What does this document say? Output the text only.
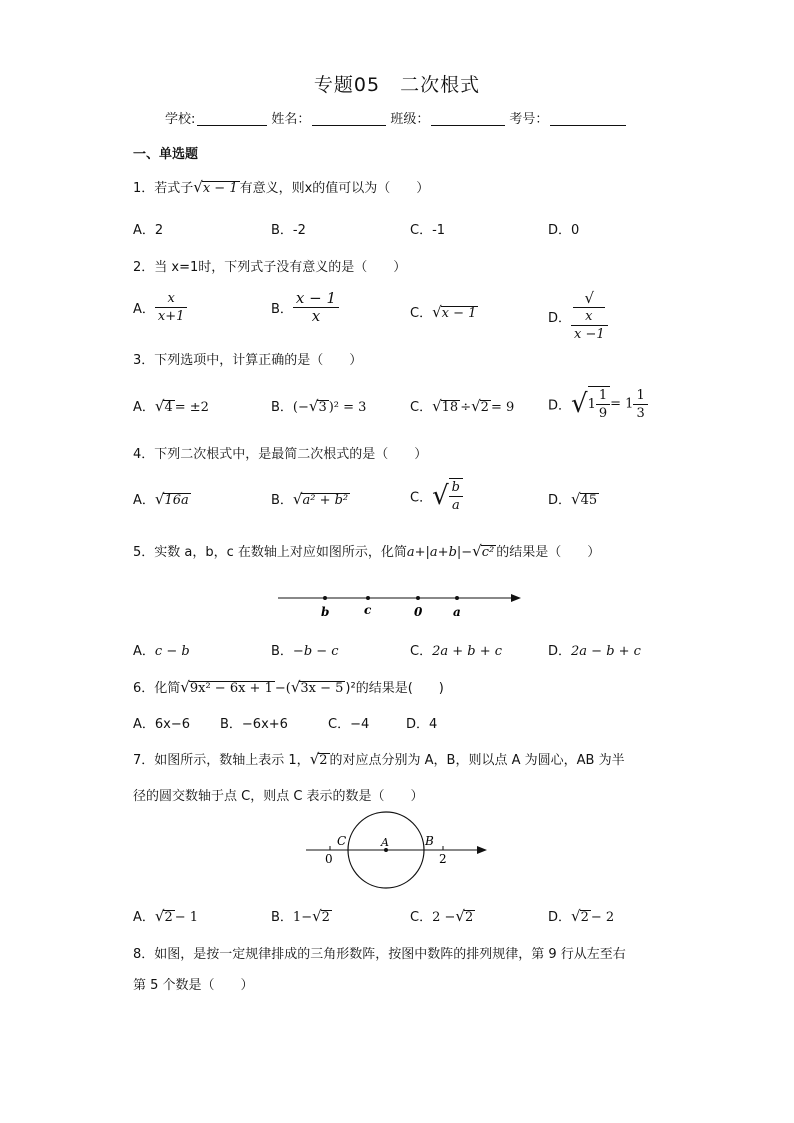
专题05　二次根式
学校:	姓名：	班级：	考号：
一、单选题
1．若式子√x − 1 有意义，则x的值可以为（　　）
A．2	B．-2	C．-1	D．0
2．当 x=1时，下列式子没有意义的是（　　）
A． $\frac{x}{x+1}$	B． $\frac{x - 1}{x}$	C．√x − 1	D． √
x
x −1
3．下列选项中，计算正确的是（　　）
A．√4 = ±2	B．(−√3 )² = 3	C．√18 ÷√2 = 9	D．$√1 \frac{1}{9} = 1 \frac{1}{3}$
4．下列二次根式中，是最简二次根式的是（　　）
A．√16a	B．√a² + b²	C．√ $\frac{b}{a}$	D．√45
5．实数 a，b，c 在数轴上对应如图所示，化简a+|a+b|−√c² 的结果是（　　）
b	c	0	a
A．c − b	B．−b − c	C．2a + b + c	D．2a − b + c
6．化简√9x² − 6x + 1 −(√3x − 5 )²的结果是(　　)
A．6x−6 B．−6x+6	C．−4	D．4
7．如图所示，数轴上表示 1，√2 的对应点分别为 A，B，则以点 A 为圆心，AB 为半
径的圆交数轴于点 C，则点 C 表示的数是（　　）
C	A	B
0	2
A．√2 − 1	B．1−√2	C．2 −√2	D．√2 − 2
8．如图，是按一定规律排成的三角形数阵，按图中数阵的排列规律，第 9 行从左至右
第 5 个数是（　　）
